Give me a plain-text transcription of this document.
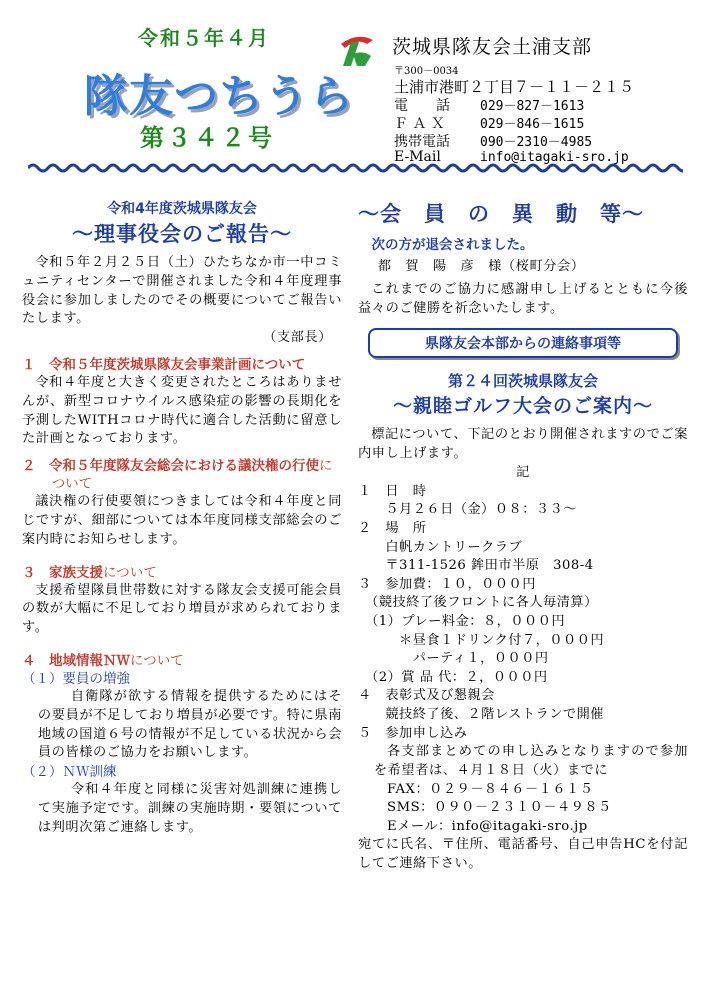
令和５年４月
隊友つちうら
第３４２号
茨城県隊友会土浦支部
〒300－0034
土浦市港町２丁目７－１１－２１５
電　　話 029－827－1613
Ｆ Ａ Ｘ	029－846－1615
携帯電話 090－2310－4985
E-Mail	info@itagaki-sro.jp
令和4年度茨城県隊友会
～理事役会のご報告～
令和５年２月２５日（土）ひたちなか市一中コミュニティセンターで開催されました令和４年度理事役会に参加しましたのでその概要についてご報告いたします。
（支部長）
１　令和５年度茨城県隊友会事業計画について
令和４年度と大きく変更されたところはありませんが、新型コロナウイルス感染症の影響の長期化を予測したWITHコロナ時代に適合した活動に留意した計画となっております。
２　令和５年度隊友会総会における議決権の行使について
議決権の行使要領につきましては令和４年度と同じですが、細部については本年度同様支部総会のご案内時にお知らせします。
３　家族支援について
支援希望隊員世帯数に対する隊友会支援可能会員の数が大幅に不足しており増員が求められております。
４　地域情報ＮＷについて
（１）要員の増強
自衛隊が欲する情報を提供するためにはその要員が不足しており増員が必要です。特に県南地域の国道６号の情報が不足している状況から会員の皆様のご協力をお願いします。
（２）ＮＷ訓練
令和４年度と同様に災害対処訓練に連携して実施予定です。訓練の実施時期・要領については判明次第ご連絡します。
～会　員　の　異　動　等～
次の方が退会されました。
都　賀　陽　彦　様（桜町分会）
これまでのご協力に感謝申し上げるとともに今後益々のご健勝を祈念いたします。
県隊友会本部からの連絡事項等
第２４回茨城県隊友会
～親睦ゴルフ大会のご案内～
標記について、下記のとおり開催されますのでご案内申し上げます。
記
１　日　時
　　５月２６日（金）０８：３３～
２　場　所
　　白帆カントリークラブ
　　〒311-1526 鉾田市半原　308-4
３　参加費：１０，０００円
　（競技終了後フロントに各人毎清算）
　（1）プレー料金：８，０００円
　　　＊昼食１ドリンク付７，０００円
　　　　パーティ１，０００円
　（2）賞 品 代：２，０００円
４　表彰式及び懇親会
　　競技終了後、２階レストランで開催
５　参加申し込み
各支部まとめての申し込みとなりますので参加を希望者は、４月１８日（火）までに
FAX：０２９－８４６－１６１５
SMS：０９０－２３１０－４９８５
Eメール：info@itagaki-sro.jp
宛てに氏名、〒住所、電話番号、自己申告HCを付記してご連絡下さい。
